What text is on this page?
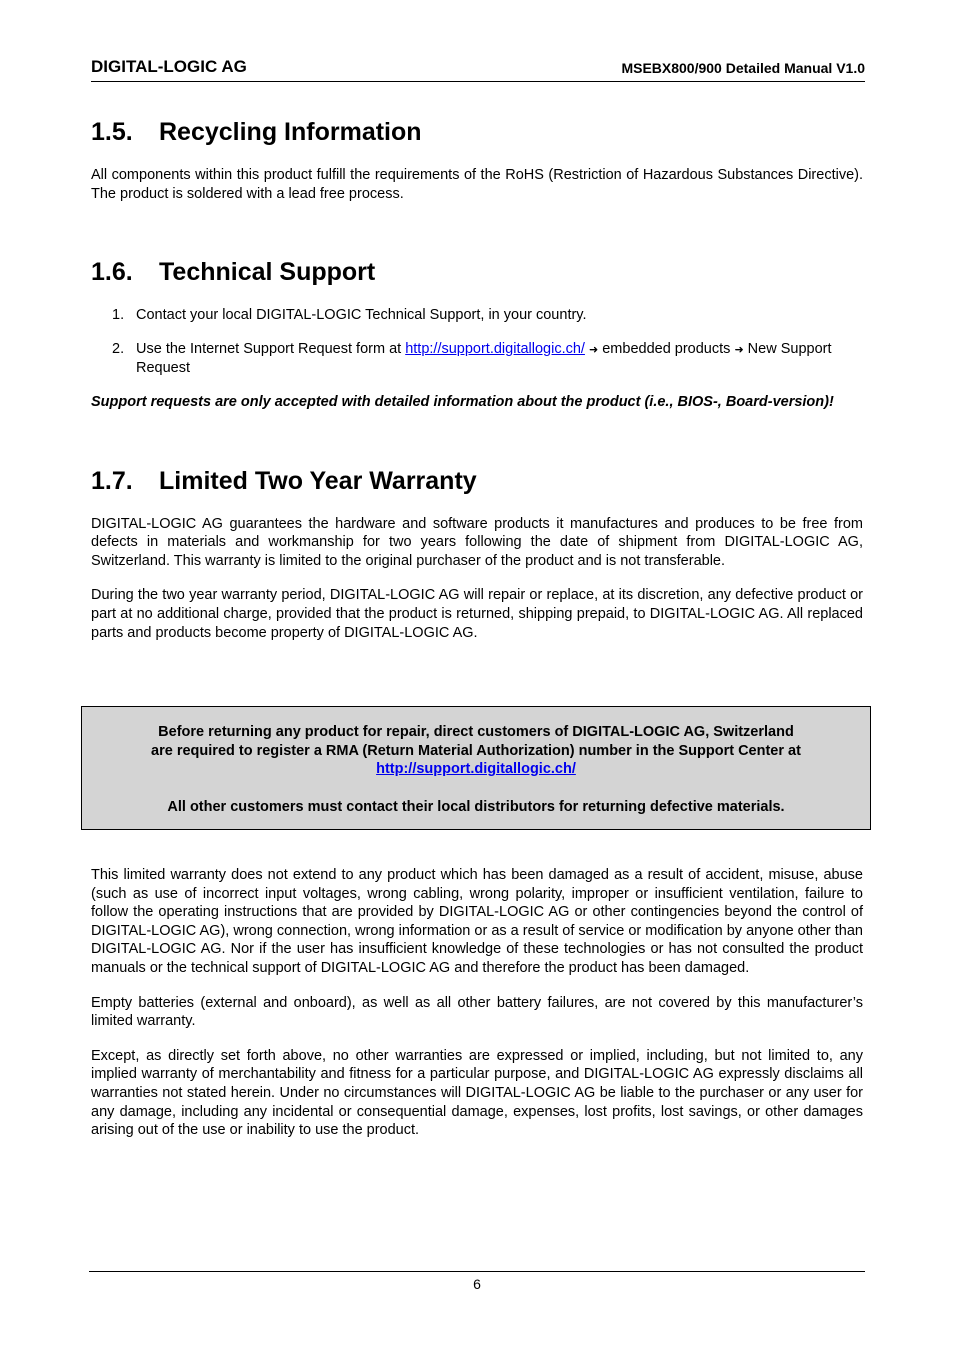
DIGITAL-LOGIC AG	MSEBX800/900 Detailed Manual V1.0
1.5. Recycling Information

All components within this product fulfill the requirements of the RoHS (Restriction of Hazardous Substances Directive). The product is soldered with a lead free process.

1.6. Technical Support
1. Contact your local DIGITAL-LOGIC Technical Support, in your country.
2. Use the Internet Support Request form at http://support.digitallogic.ch/ ➜ embedded products ➜ New Support Request

Support requests are only accepted with detailed information about the product (i.e., BIOS-, Board-version)!

1.7. Limited Two Year Warranty

DIGITAL-LOGIC AG guarantees the hardware and software products it manufactures and produces to be free from defects in materials and workmanship for two years following the date of shipment from DIGITAL-LOGIC AG, Switzerland. This warranty is limited to the original purchaser of the product and is not transferable.

During the two year warranty period, DIGITAL-LOGIC AG will repair or replace, at its discretion, any defective product or part at no additional charge, provided that the product is returned, shipping prepaid, to DIGITAL-LOGIC AG. All replaced parts and products become property of DIGITAL-LOGIC AG.

Before returning any product for repair, direct customers of DIGITAL-LOGIC AG, Switzerland
are required to register a RMA (Return Material Authorization) number in the Support Center at
http://support.digitallogic.ch/
All other customers must contact their local distributors for returning defective materials.

This limited warranty does not extend to any product which has been damaged as a result of accident, misuse, abuse (such as use of incorrect input voltages, wrong cabling, wrong polarity, improper or insufficient ventilation, failure to follow the operating instructions that are provided by DIGITAL-LOGIC AG or other contingencies beyond the control of DIGITAL-LOGIC AG), wrong connection, wrong information or as a result of service or modification by anyone other than DIGITAL-LOGIC AG. Nor if the user has insufficient knowledge of these technologies or has not consulted the product manuals or the technical support of DIGITAL-LOGIC AG and therefore the product has been damaged.

Empty batteries (external and onboard), as well as all other battery failures, are not covered by this manufacturer’s limited warranty.

Except, as directly set forth above, no other warranties are expressed or implied, including, but not limited to, any implied warranty of merchantability and fitness for a particular purpose, and DIGITAL-LOGIC AG expressly disclaims all warranties not stated herein. Under no circumstances will DIGITAL-LOGIC AG be liable to the purchaser or any user for any damage, including any incidental or consequential damage, expenses, lost profits, lost savings, or other damages arising out of the use or inability to use the product.

6
